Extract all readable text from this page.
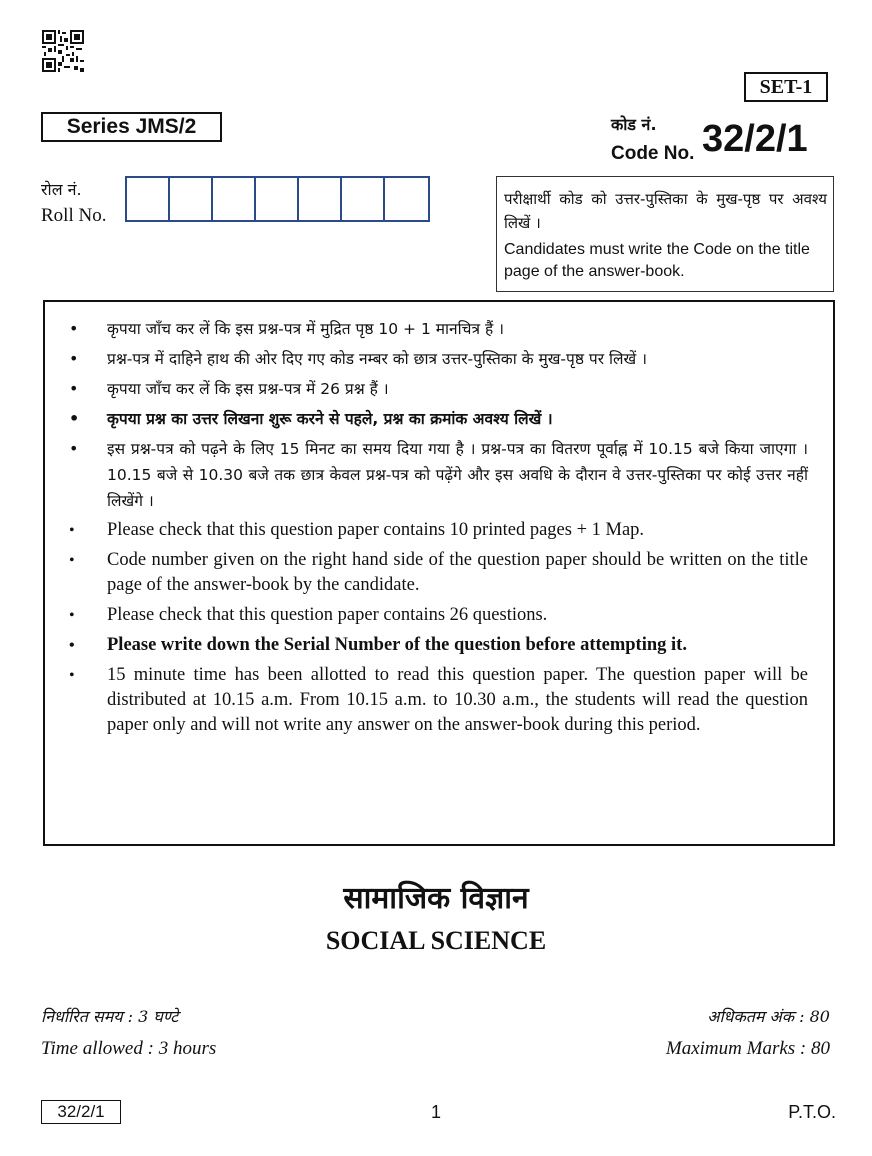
SET-1
Series JMS/2	कोड नं.
Code No. 32/2/1
रोल नं.
Roll No.
परीक्षार्थी कोड को उत्तर-पुस्तिका के मुख-पृष्ठ पर अवश्य लिखें ।
Candidates must write the Code on the title page of the answer-book.
• कृपया जाँच कर लें कि इस प्रश्न-पत्र में मुद्रित पृष्ठ 10 + 1 मानचित्र हैं ।
• प्रश्न-पत्र में दाहिने हाथ की ओर दिए गए कोड नम्बर को छात्र उत्तर-पुस्तिका के मुख-पृष्ठ पर लिखें ।
• कृपया जाँच कर लें कि इस प्रश्न-पत्र में 26 प्रश्न हैं ।
• कृपया प्रश्न का उत्तर लिखना शुरू करने से पहले, प्रश्न का क्रमांक अवश्य लिखें ।
• इस प्रश्न-पत्र को पढ़ने के लिए 15 मिनट का समय दिया गया है । प्रश्न-पत्र का वितरण पूर्वाह्न में 10.15 बजे किया जाएगा । 10.15 बजे से 10.30 बजे तक छात्र केवल प्रश्न-पत्र को पढ़ेंगे और इस अवधि के दौरान वे उत्तर-पुस्तिका पर कोई उत्तर नहीं लिखेंगे ।
• Please check that this question paper contains 10 printed pages + 1 Map.
• Code number given on the right hand side of the question paper should be written on the title page of the answer-book by the candidate.
• Please check that this question paper contains 26 questions.
• Please write down the Serial Number of the question before attempting it.
• 15 minute time has been allotted to read this question paper. The question paper will be distributed at 10.15 a.m. From 10.15 a.m. to 10.30 a.m., the students will read the question paper only and will not write any answer on the answer-book during this period.
सामाजिक विज्ञान
SOCIAL SCIENCE
निर्धारित समय : 3 घण्टे
Time allowed : 3 hours
अधिकतम अंक : 80
Maximum Marks : 80
32/2/1	1	P.T.O.
